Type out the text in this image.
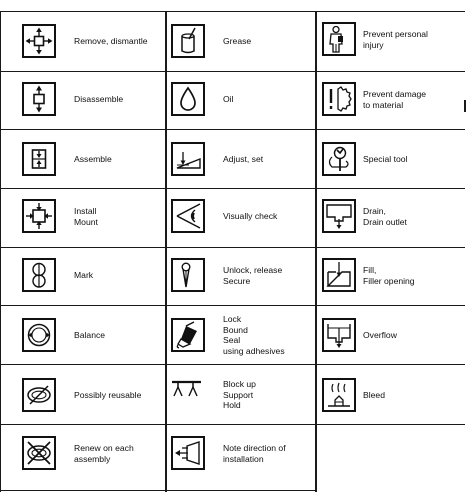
Remove, dismantle
Disassemble
Assemble
Install
Mount
Mark
Balance
Possibly reusable
Renew on each
assembly
Grease
Oil
Adjust, set
Visually check
Unlock, release
Secure
Lock
Bound
Seal
using adhesives
Block up
Support
Hold
Note direction of
installation
Prevent personal
injury
Prevent damage
to material
Special tool
Drain,
Drain outlet
Fill,
Filler opening
Overflow
Bleed
